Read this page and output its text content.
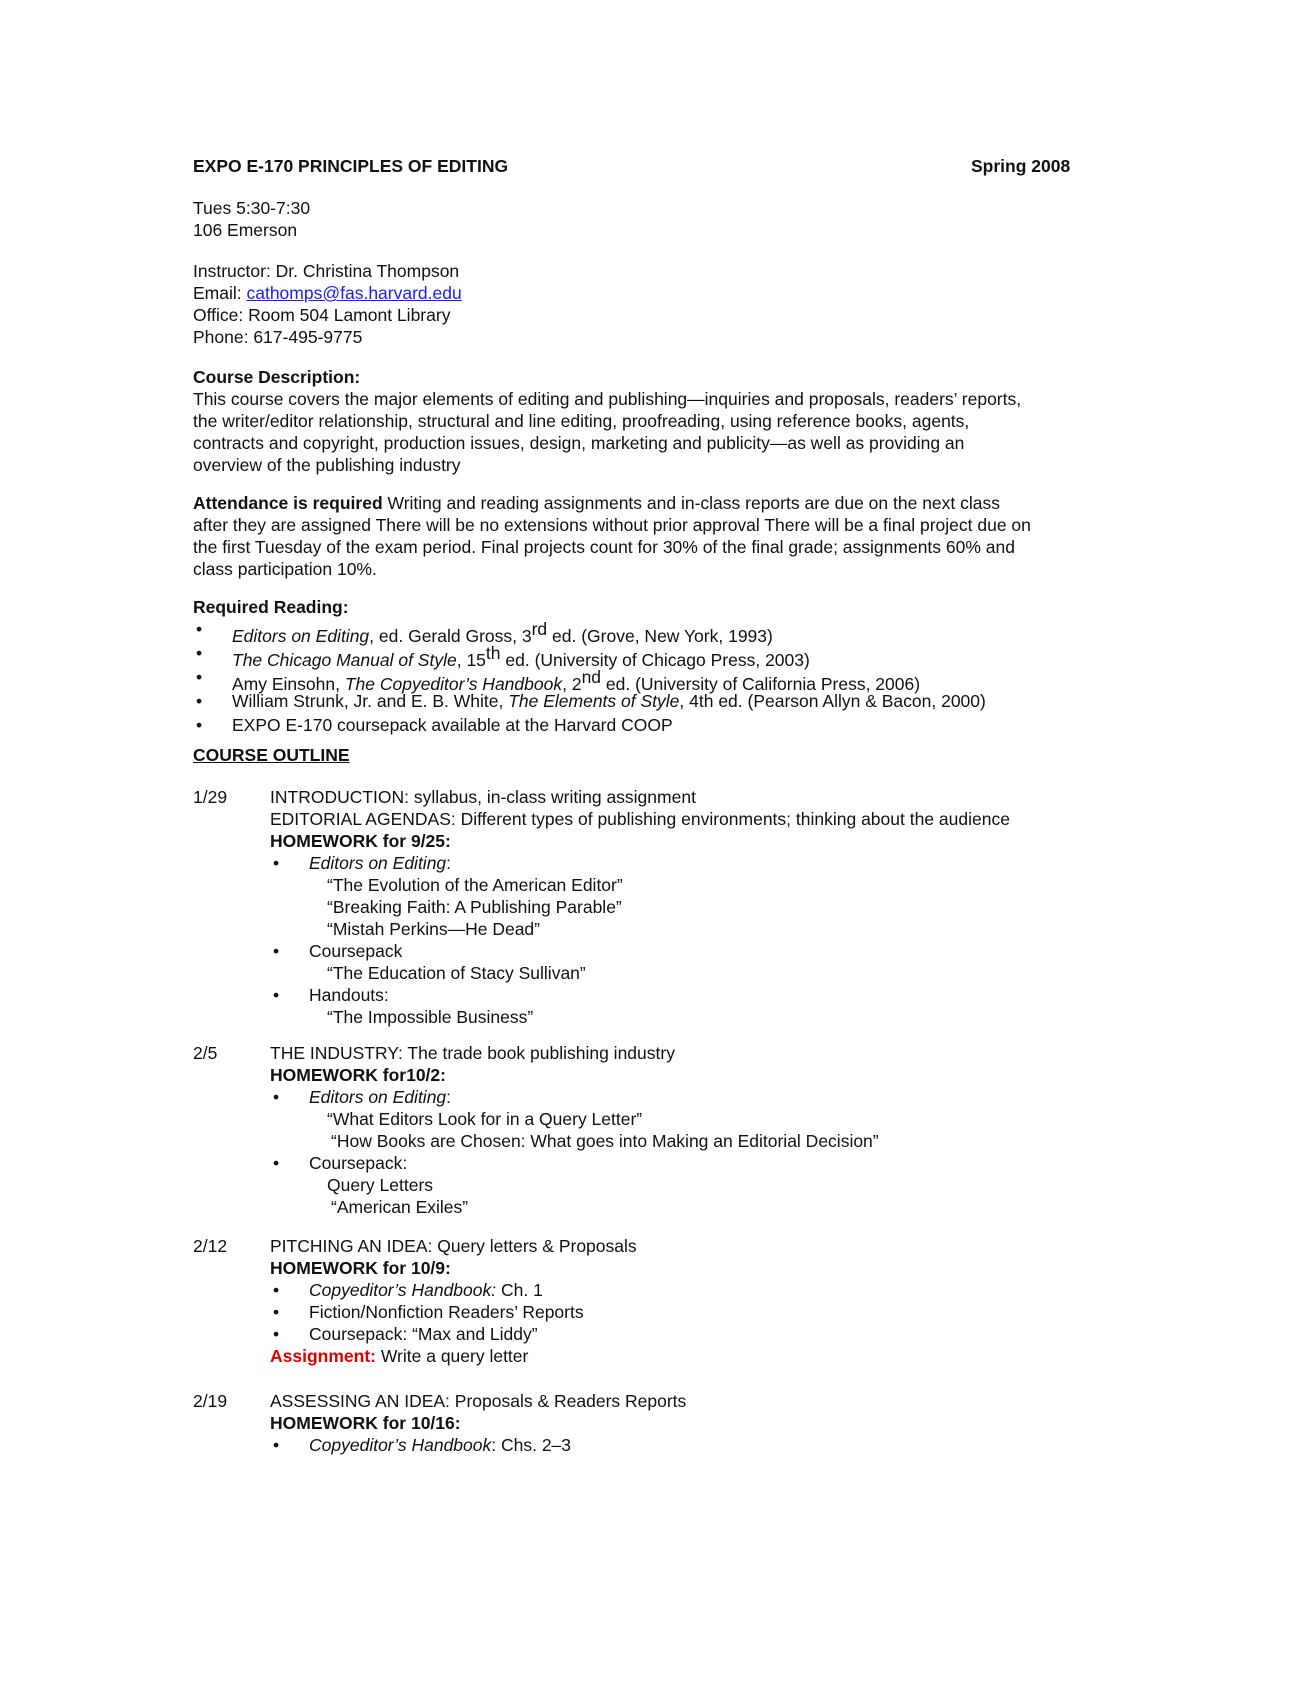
EXPO E-170 PRINCIPLES OF EDITING	Spring 2008
Tues 5:30-7:30
106 Emerson
Instructor: Dr. Christina Thompson
Email: cathomps@fas.harvard.edu
Office: Room 504 Lamont Library
Phone: 617-495-9775
Course Description:
This course covers the major elements of editing and publishing—inquiries and proposals, readers’ reports,
the writer/editor relationship, structural and line editing, proofreading, using reference books, agents,
contracts and copyright, production issues, design, marketing and publicity—as well as providing an
overview of the publishing industry
Attendance is required Writing and reading assignments and in-class reports are due on the next class
after they are assigned There will be no extensions without prior approval There will be a final project due on
the first Tuesday of the exam period. Final projects count for 30% of the final grade; assignments 60% and
class participation 10%.
Required Reading:
• Editors on Editing, ed. Gerald Gross, 3rd ed. (Grove, New York, 1993)
• The Chicago Manual of Style, 15th ed. (University of Chicago Press, 2003)
• Amy Einsohn, The Copyeditor’s Handbook, 2nd ed. (University of California Press, 2006)
• William Strunk, Jr. and E. B. White, The Elements of Style, 4th ed. (Pearson Allyn & Bacon, 2000)
• EXPO E-170 coursepack available at the Harvard COOP
COURSE OUTLINE
1/29 INTRODUCTION: syllabus, in-class writing assignment
EDITORIAL AGENDAS: Different types of publishing environments; thinking about the audience
HOMEWORK for 9/25:
• Editors on Editing:
“The Evolution of the American Editor”
“Breaking Faith: A Publishing Parable”
“Mistah Perkins—He Dead”
• Coursepack
“The Education of Stacy Sullivan”
• Handouts:
“The Impossible Business”
2/5	THE INDUSTRY: The trade book publishing industry
HOMEWORK for10/2:
• Editors on Editing:
“What Editors Look for in a Query Letter”
“How Books are Chosen: What goes into Making an Editorial Decision”
• Coursepack:
Query Letters
“American Exiles”
2/12 PITCHING AN IDEA: Query letters & Proposals
HOMEWORK for 10/9:
• Copyeditor’s Handbook: Ch. 1
• Fiction/Nonfiction Readers’ Reports
• Coursepack: “Max and Liddy”
Assignment: Write a query letter
2/19 ASSESSING AN IDEA: Proposals & Readers Reports
HOMEWORK for 10/16:
• Copyeditor’s Handbook: Chs. 2–3
